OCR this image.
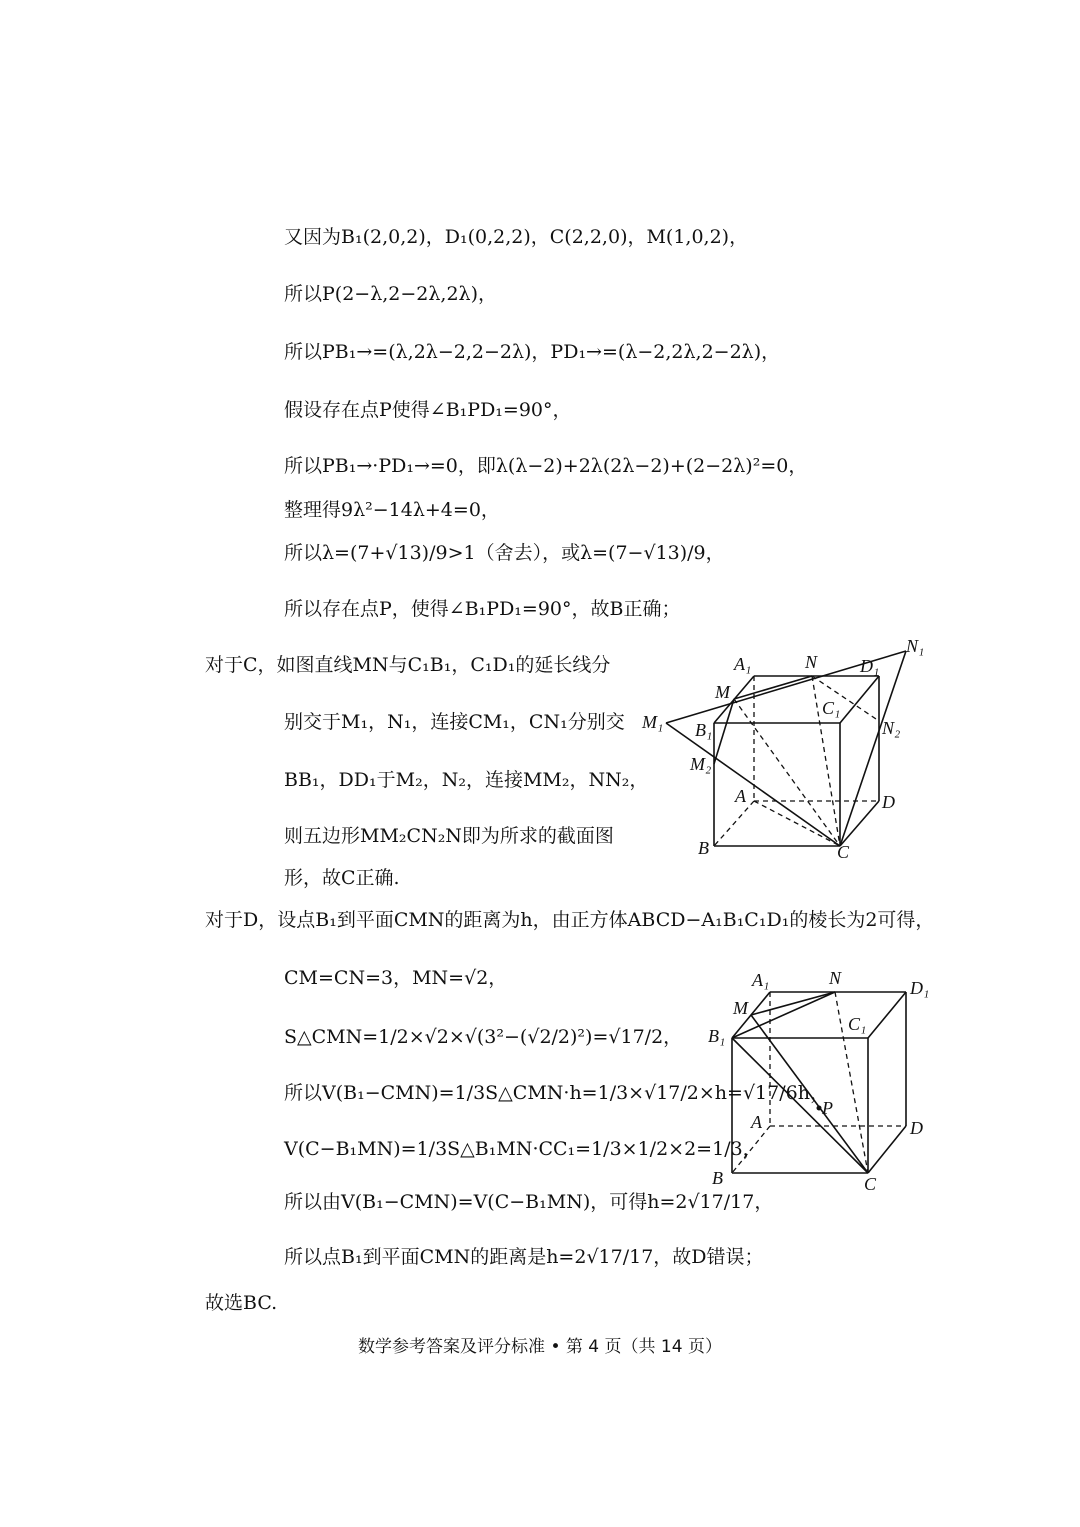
又因为B₁(2,0,2)，D₁(0,2,2)，C(2,2,0)，M(1,0,2)，
所以P(2−λ,2−2λ,2λ)，
所以PB₁→=(λ,2λ−2,2−2λ)，PD₁→=(λ−2,2λ,2−2λ)，
假设存在点P使得∠B₁PD₁=90°，
所以PB₁→·PD₁→=0，即λ(λ−2)+2λ(2λ−2)+(2−2λ)²=0，
整理得9λ²−14λ+4=0，
所以λ=(7+√13)/9>1（舍去），或λ=(7−√13)/9，
所以存在点P，使得∠B₁PD₁=90°，故B正确；
对于C，如图直线MN与C₁B₁，C₁D₁的延长线分
别交于M₁，N₁，连接CM₁，CN₁分别交
BB₁，DD₁于M₂，N₂，连接MM₂，NN₂，
则五边形MM₂CN₂N即为所求的截面图
形，故C正确.
对于D，设点B₁到平面CMN的距离为h，由正方体ABCD−A₁B₁C₁D₁的棱长为2可得，
CM=CN=3，MN=√2，
S△CMN=1/2×√2×√(3²−(√2/2)²)=√17/2，
所以V(B₁−CMN)=1/3S△CMN·h=1/3×√17/2×h=√17/6h，
V(C−B₁MN)=1/3S△B₁MN·CC₁=1/3×1/2×2=1/3，
所以由V(B₁−CMN)=V(C−B₁MN)，可得h=2√17/17，
所以点B₁到平面CMN的距离是h=2√17/17，故D错误；
故选BC.
A₁	N D₁
N₁
M
C₁
M₁ B₁	N₂
M₂
A	D
B	C
A₁	N	D₁
M
C₁
B₁
P
A	D
B	C
数学参考答案及评分标准 • 第 4 页（共 14 页）
